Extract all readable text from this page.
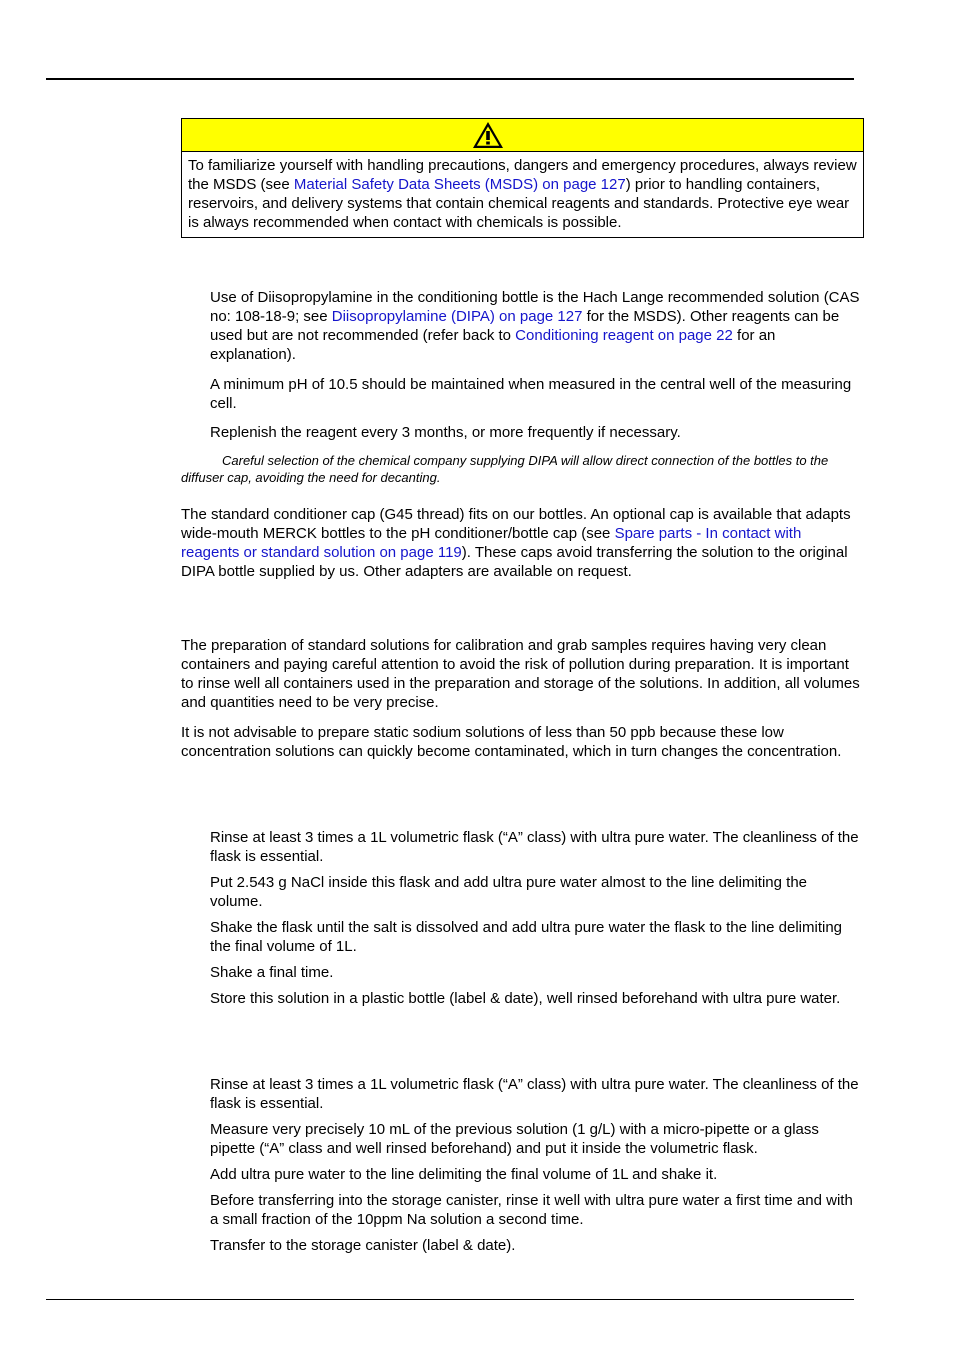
To familiarize yourself with handling precautions, dangers and emergency procedures, always review the MSDS (see Material Safety Data Sheets (MSDS) on page 127) prior to handling containers, reservoirs, and delivery systems that contain chemical reagents and standards. Protective eye wear is always recommended when contact with chemicals is possible.

Use of Diisopropylamine in the conditioning bottle is the Hach Lange recommended solution (CAS no: 108-18-9; see Diisopropylamine (DIPA) on page 127 for the MSDS). Other reagents can be used but are not recommended (refer back to Conditioning reagent on page 22 for an explanation).

A minimum pH of 10.5 should be maintained when measured in the central well of the measuring cell.

Replenish the reagent every 3 months, or more frequently if necessary.

Careful selection of the chemical company supplying DIPA will allow direct connection of the bottles to the diffuser cap, avoiding the need for decanting.

The standard conditioner cap (G45 thread) fits on our bottles. An optional cap is available that adapts wide-mouth MERCK bottles to the pH conditioner/bottle cap (see Spare parts - In contact with reagents or standard solution on page 119). These caps avoid transferring the solution to the original DIPA bottle supplied by us. Other adapters are available on request.

The preparation of standard solutions for calibration and grab samples requires having very clean containers and paying careful attention to avoid the risk of pollution during preparation. It is important to rinse well all containers used in the preparation and storage of the solutions. In addition, all volumes and quantities need to be very precise.

It is not advisable to prepare static sodium solutions of less than 50 ppb because these low concentration solutions can quickly become contaminated, which in turn changes the concentration.

Rinse at least 3 times a 1L volumetric flask (“A” class) with ultra pure water. The cleanliness of the flask is essential.

Put 2.543 g NaCl inside this flask and add ultra pure water almost to the line delimiting the volume.

Shake the flask until the salt is dissolved and add ultra pure water the flask to the line delimiting the final volume of 1L.

Shake a final time.

Store this solution in a plastic bottle (label & date), well rinsed beforehand with ultra pure water.

Rinse at least 3 times a 1L volumetric flask (“A” class) with ultra pure water. The cleanliness of the flask is essential.

Measure very precisely 10 mL of the previous solution (1 g/L) with a micro-pipette or a glass pipette (“A” class and well rinsed beforehand) and put it inside the volumetric flask.

Add ultra pure water to the line delimiting the final volume of 1L and shake it.

Before transferring into the storage canister, rinse it well with ultra pure water a first time and with a small fraction of the 10ppm Na solution a second time.

Transfer to the storage canister (label & date).
